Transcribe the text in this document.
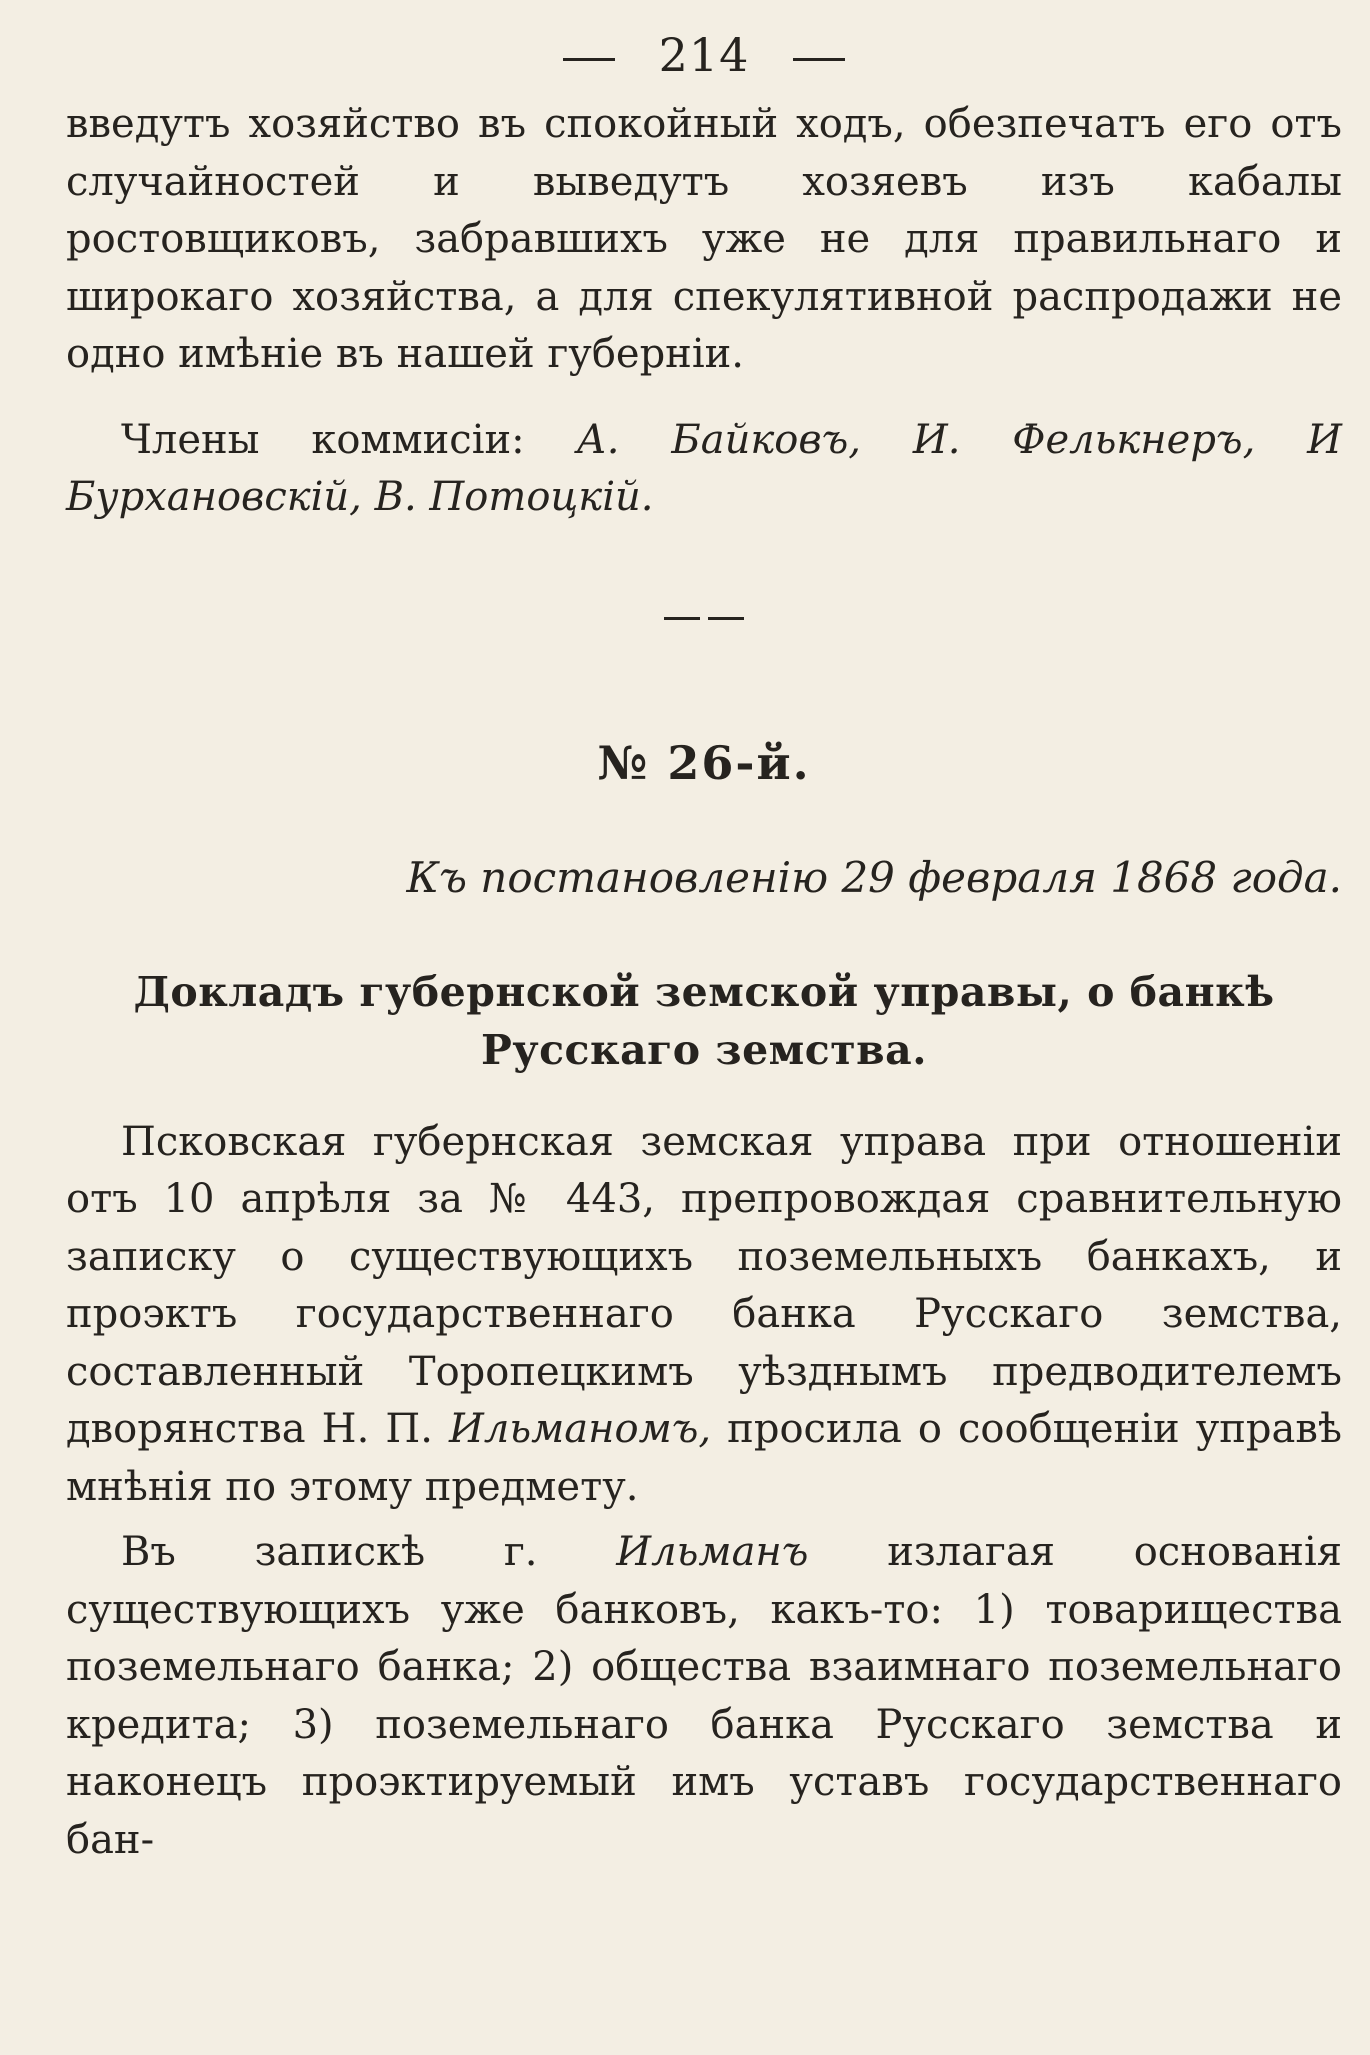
214

введутъ хозяйство въ спокойный ходъ, обезпечатъ его отъ случайностей и выведутъ хозяевъ изъ кабалы ростовщиковъ, забравшихъ уже не для правильнаго и широкаго хозяйства, а для спекулятивной распродажи не одно имѣніе въ нашей губерніи.

Члены коммисіи: А. Байковъ, И. Фелькнеръ, И Бурхановскій, В. Потоцкій.

№ 26-й.
Къ постановленію 29 февраля 1868 года.
Докладъ губернской земской управы, о банкѣ
Русскаго земства.

Псковская губернская земская управа при отношеніи отъ 10 апрѣля за № 443, препровождая сравнительную записку о существующихъ поземельныхъ банкахъ, и проэктъ государственнаго банка Русскаго земства, составленный Торопецкимъ уѣзднымъ предводителемъ дворянства Н. П. Ильманомъ, просила о сообщеніи управѣ мнѣнія по этому предмету.

Въ запискѣ г. Ильманъ излагая основанія существующихъ уже банковъ, какъ-то: 1) товарищества поземельнаго банка; 2) общества взаимнаго поземельнаго кредита; 3) поземельнаго банка Русскаго земства и наконецъ проэктируемый имъ уставъ государственнаго бан-
